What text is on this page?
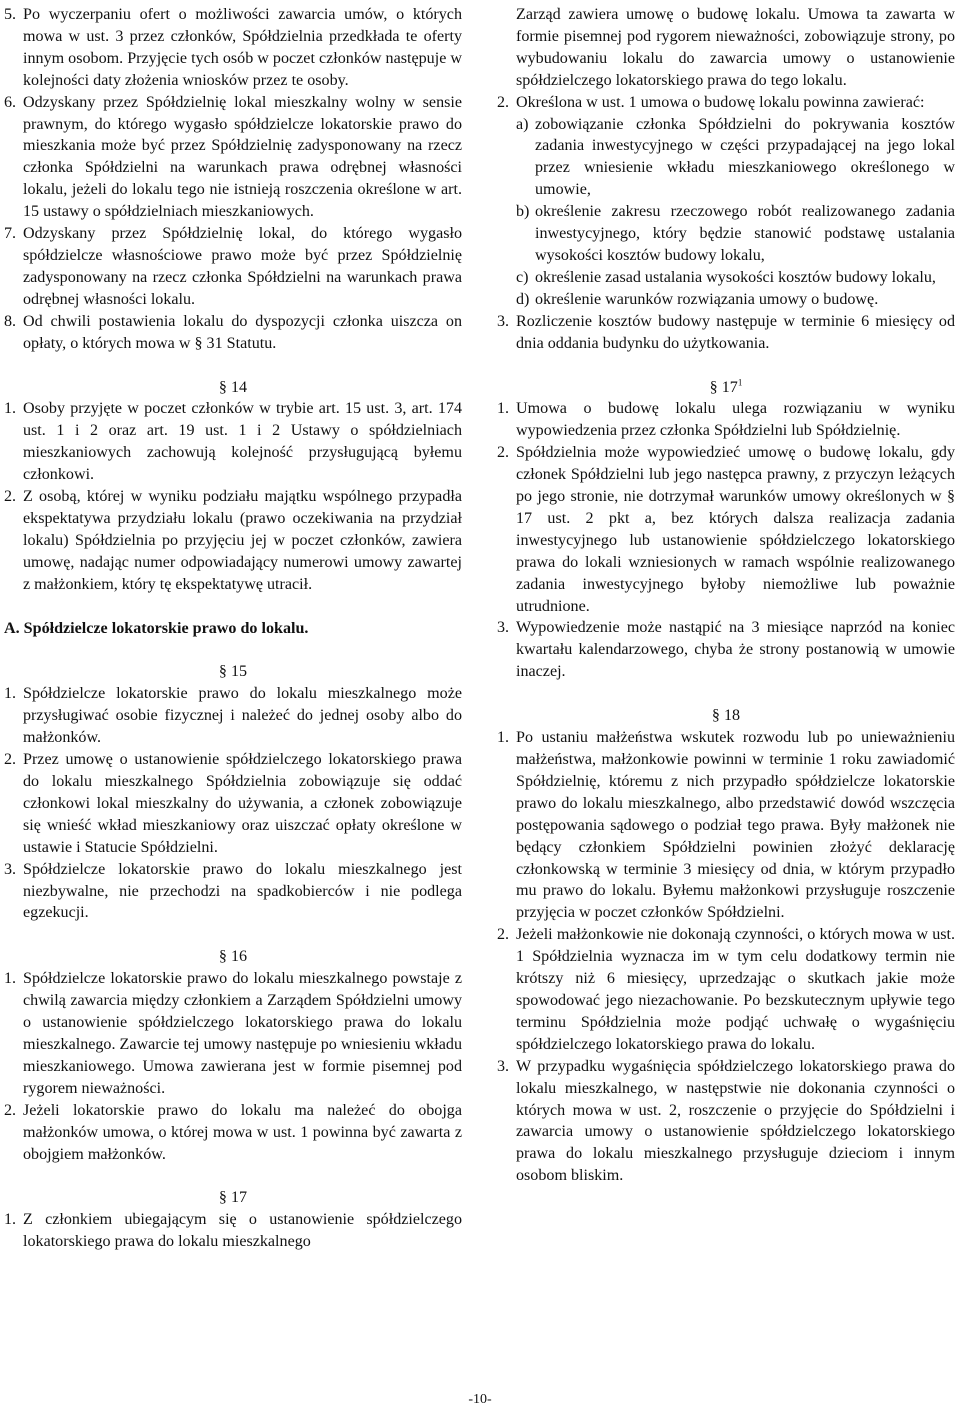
5. Po wyczerpaniu ofert o możliwości zawarcia umów, o których mowa w ust. 3 przez członków, Spółdzielnia przedkłada te oferty innym osobom. Przyjęcie tych osób w poczet członków następuje w kolejności daty złożenia wniosków przez te osoby.

6. Odzyskany przez Spółdzielnię lokal mieszkalny wolny w sensie prawnym, do którego wygasło spółdzielcze lokatorskie prawo do mieszkania może być przez Spółdzielnię zadysponowany na rzecz członka Spółdzielni na warunkach prawa odrębnej własności lokalu, jeżeli do lokalu tego nie istnieją roszczenia określone w art. 15 ustawy o spółdzielniach mieszkaniowych.

7. Odzyskany przez Spółdzielnię lokal, do którego wygasło spółdzielcze własnościowe prawo może być przez Spółdzielnię zadysponowany na rzecz członka Spółdzielni na warunkach prawa odrębnej własności lokalu.

8. Od chwili postawienia lokalu do dyspozycji członka uiszcza on opłaty, o których mowa w § 31 Statutu.

§ 14

1. Osoby przyjęte w poczet członków w trybie art. 15 ust. 3, art. 174 ust. 1 i 2 oraz art. 19 ust. 1 i 2 Ustawy o spółdzielniach mieszkaniowych zachowują kolejność przysługującą byłemu członkowi.

2. Z osobą, której w wyniku podziału majątku wspólnego przypadła ekspektatywa przydziału lokalu (prawo oczekiwania na przydział lokalu) Spółdzielnia po przyjęciu jej w poczet członków, zawiera umowę, nadając numer odpowiadający numerowi umowy zawartej z małżonkiem, który tę ekspektatywę utracił.

A. Spółdzielcze lokatorskie prawo do lokalu.

§ 15

1. Spółdzielcze lokatorskie prawo do lokalu mieszkalnego może przysługiwać osobie fizycznej i należeć do jednej osoby albo do małżonków.

2. Przez umowę o ustanowienie spółdzielczego lokatorskiego prawa do lokalu mieszkalnego Spółdzielnia zobowiązuje się oddać członkowi lokal mieszkalny do używania, a członek zobowiązuje się wnieść wkład mieszkaniowy oraz uiszczać opłaty określone w ustawie i Statucie Spółdzielni.

3. Spółdzielcze lokatorskie prawo do lokalu mieszkalnego jest niezbywalne, nie przechodzi na spadkobierców i nie podlega egzekucji.

§ 16

1. Spółdzielcze lokatorskie prawo do lokalu mieszkalnego powstaje z chwilą zawarcia między członkiem a Zarządem Spółdzielni umowy o ustanowienie spółdzielczego lokatorskiego prawa do lokalu mieszkalnego. Zawarcie tej umowy następuje po wniesieniu wkładu mieszkaniowego. Umowa zawierana jest w formie pisemnej pod rygorem nieważności.

2. Jeżeli lokatorskie prawo do lokalu ma należeć do obojga małżonków umowa, o której mowa w ust. 1 powinna być zawarta z obojgiem małżonków.

§ 17

1. Z członkiem ubiegającym się o ustanowienie spółdzielczego lokatorskiego prawa do lokalu mieszkalnego

Zarząd zawiera umowę o budowę lokalu. Umowa ta zawarta w formie pisemnej pod rygorem nieważności, zobowiązuje strony, po wybudowaniu lokalu do zawarcia umowy o ustanowienie spółdzielczego lokatorskiego prawa do tego lokalu.

2. Określona w ust. 1 umowa o budowę lokalu powinna zawierać:

a) zobowiązanie członka Spółdzielni do pokrywania kosztów zadania inwestycyjnego w części przypadającej na jego lokal przez wniesienie wkładu mieszkaniowego określonego w umowie,

b) określenie zakresu rzeczowego robót realizowanego zadania inwestycyjnego, który będzie stanowić podstawę ustalania wysokości kosztów budowy lokalu,

c) określenie zasad ustalania wysokości kosztów budowy lokalu,

d) określenie warunków rozwiązania umowy o budowę.

3. Rozliczenie kosztów budowy następuje w terminie 6 miesięcy od dnia oddania budynku do użytkowania.

§ $17^1$

1. Umowa o budowę lokalu ulega rozwiązaniu w wyniku wypowiedzenia przez członka Spółdzielni lub Spółdzielnię.

2. Spółdzielnia może wypowiedzieć umowę o budowę lokalu, gdy członek Spółdzielni lub jego następca prawny, z przyczyn leżących po jego stronie, nie dotrzymał warunków umowy określonych w § 17 ust. 2 pkt a, bez których dalsza realizacja zadania inwestycyjnego lub ustanowienie spółdzielczego lokatorskiego prawa do lokali wzniesionych w ramach wspólnie realizowanego zadania inwestycyjnego byłoby niemożliwe lub poważnie utrudnione.

3. Wypowiedzenie może nastąpić na 3 miesiące naprzód na koniec kwartału kalendarzowego, chyba że strony postanowią w umowie inaczej.

§ 18

1. Po ustaniu małżeństwa wskutek rozwodu lub po unieważnieniu małżeństwa, małżonkowie powinni w terminie 1 roku zawiadomić Spółdzielnię, któremu z nich przypadło spółdzielcze lokatorskie prawo do lokalu mieszkalnego, albo przedstawić dowód wszczęcia postępowania sądowego o podział tego prawa. Były małżonek nie będący członkiem Spółdzielni powinien złożyć deklarację członkowską w terminie 3 miesięcy od dnia, w którym przypadło mu prawo do lokalu. Byłemu małżonkowi przysługuje roszczenie przyjęcia w poczet członków Spółdzielni.

2. Jeżeli małżonkowie nie dokonają czynności, o których mowa w ust. 1 Spółdzielnia wyznacza im w tym celu dodatkowy termin nie krótszy niż 6 miesięcy, uprzedzając o skutkach jakie może spowodować jego niezachowanie. Po bezskutecznym upływie tego terminu Spółdzielnia może podjąć uchwałę o wygaśnięciu spółdzielczego lokatorskiego prawa do lokalu.

3. W przypadku wygaśnięcia spółdzielczego lokatorskiego prawa do lokalu mieszkalnego, w następstwie nie dokonania czynności o których mowa w ust. 2, roszczenie o przyjęcie do Spółdzielni i zawarcia umowy o ustanowienie spółdzielczego lokatorskiego prawa do lokalu mieszkalnego przysługuje dzieciom i innym osobom bliskim.

-10-
